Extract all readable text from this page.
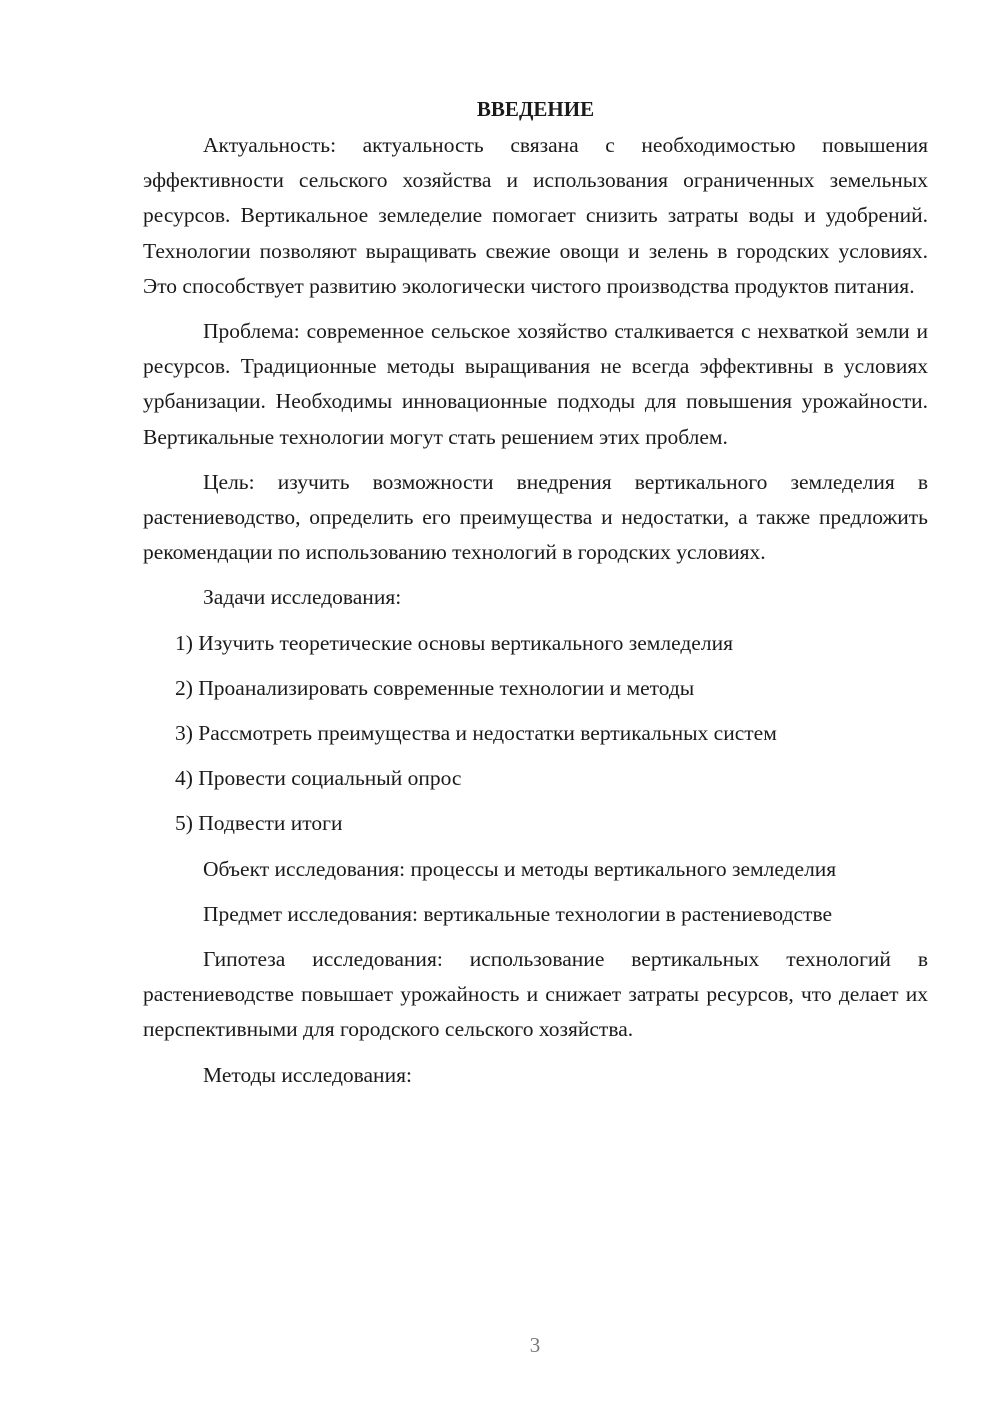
ВВЕДЕНИЕ

Актуальность: актуальность связана с необходимостью повышения эффективности сельского хозяйства и использования ограниченных земельных ресурсов. Вертикальное земледелие помогает снизить затраты воды и удобрений. Технологии позволяют выращивать свежие овощи и зелень в городских условиях. Это способствует развитию экологически чистого производства продуктов питания.

Проблема: современное сельское хозяйство сталкивается с нехваткой земли и ресурсов. Традиционные методы выращивания не всегда эффективны в условиях урбанизации. Необходимы инновационные подходы для повышения урожайности. Вертикальные технологии могут стать решением этих проблем.

Цель: изучить возможности внедрения вертикального земледелия в растениеводство, определить его преимущества и недостатки, а также предложить рекомендации по использованию технологий в городских условиях.

Задачи исследования:
1) Изучить теоретические основы вертикального земледелия
2) Проанализировать современные технологии и методы
3) Рассмотреть преимущества и недостатки вертикальных систем
4) Провести социальный опрос
5) Подвести итоги

Объект исследования: процессы и методы вертикального земледелия

Предмет исследования: вертикальные технологии в растениеводстве

Гипотеза исследования: использование вертикальных технологий в растениеводстве повышает урожайность и снижает затраты ресурсов, что делает их перспективными для городского сельского хозяйства.

Методы исследования:
3
